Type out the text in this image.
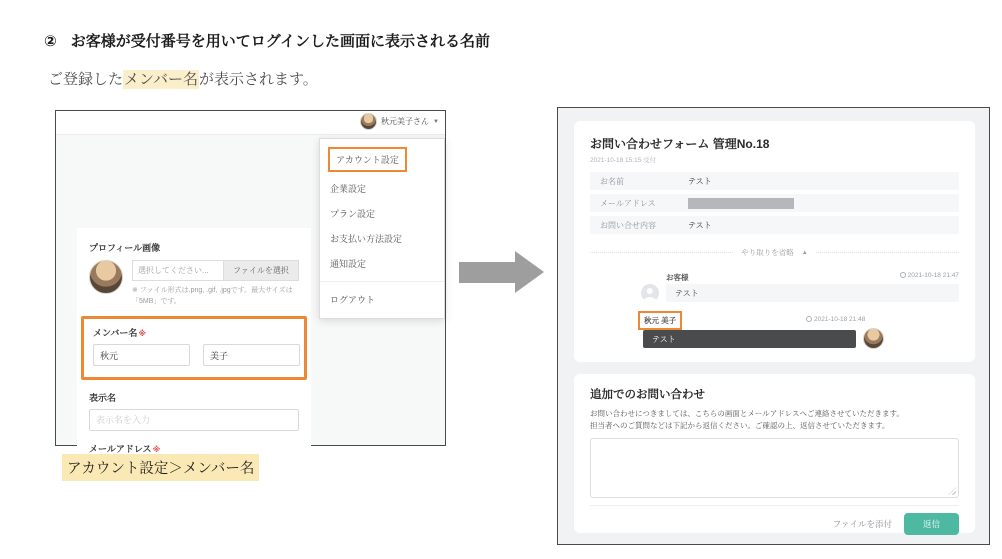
② お客様が受付番号を用いてログインした画面に表示される名前
ご登録したメンバー名が表示されます。
秋元美子さん ▼
アカウント設定
企業設定
プラン設定
お支払い方法設定
通知設定
ログアウト
プロフィール画像
選択してください...	ファイルを選択
※ ファイル形式は.png, .gif, .jpgです。最大サイズは「5MB」です。
メンバー名※
秋元
美子
表示名
表示名を入力
メールアドレス※
お問い合わせフォーム 管理No.18
2021-10-18 15:15 受付
お名前	テスト
メールアドレス
お問い合せ内容	テスト
やり取りを省略 ▲
お客様	2021-10-18 21:47
テスト
秋元 美子	2021-10-18 21:48
テスト
追加でのお問い合わせ
お問い合わせにつきましては、こちらの画面とメールアドレスへご連絡させていただきます。
担当者へのご質問などは下記から返信ください。ご確認の上、返信させていただきます。
ファイルを添付	返信
アカウント設定＞メンバー名
